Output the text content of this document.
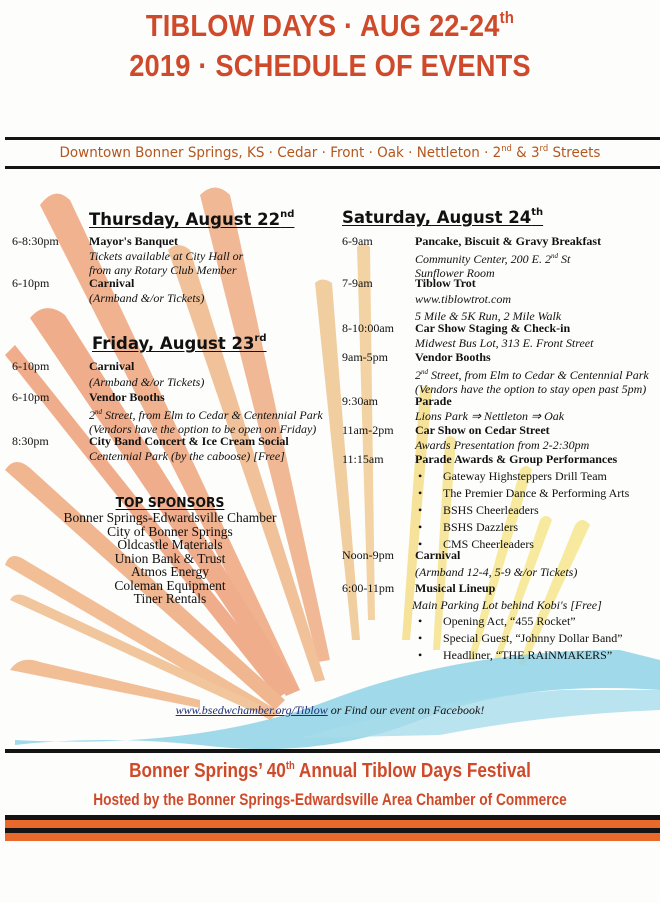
TIBLOW DAYS · AUG 22-24th
2019 · SCHEDULE OF EVENTS
Downtown Bonner Springs, KS · Cedar · Front · Oak · Nettleton · 2nd & 3rd Streets
Thursday, August 22nd
6-8:30pm	Mayor's Banquet
Tickets available at City Hall or
from any Rotary Club Member
6-10pm	Carnival
(Armband &/or Tickets)
Friday, August 23rd
6-10pm	Carnival
(Armband &/or Tickets)
6-10pm	Vendor Booths
2nd Street, from Elm to Cedar & Centennial Park
(Vendors have the option to be open on Friday)
8:30pm	City Band Concert & Ice Cream Social
Centennial Park (by the caboose) [Free]
TOP SPONSORS
Bonner Springs-Edwardsville Chamber
City of Bonner Springs
Oldcastle Materials
Union Bank & Trust
Atmos Energy
Coleman Equipment
Tiner Rentals
Saturday, August 24th
6-9am	Pancake, Biscuit & Gravy Breakfast
Community Center, 200 E. 2nd St
Sunflower Room
7-9am	Tiblow Trot
www.tiblowtrot.com
5 Mile & 5K Run, 2 Mile Walk
8-10:00am Car Show Staging & Check-in
Midwest Bus Lot, 313 E. Front Street
9am-5pm Vendor Booths
2nd Street, from Elm to Cedar & Centennial Park
(Vendors have the option to stay open past 5pm)
9:30am	Parade
Lions Park ⇒ Nettleton ⇒ Oak
11am-2pm Car Show on Cedar Street
Awards Presentation from 2-2:30pm
11:15am	Parade Awards & Group Performances
• Gateway Highsteppers Drill Team
• The Premier Dance & Performing Arts
• BSHS Cheerleaders
• BSHS Dazzlers
• CMS Cheerleaders
Noon-9pm Carnival
(Armband 12-4, 5-9 &/or Tickets)
6:00-11pm Musical Lineup
Main Parking Lot behind Kobi's [Free]
• Opening Act, “455 Rocket”
• Special Guest, “Johnny Dollar Band”
• Headliner, “THE RAINMAKERS”
www.bsedwchamber.org/Tiblow or Find our event on Facebook!
Bonner Springs’ 40th Annual Tiblow Days Festival
Hosted by the Bonner Springs-Edwardsville Area Chamber of Commerce
